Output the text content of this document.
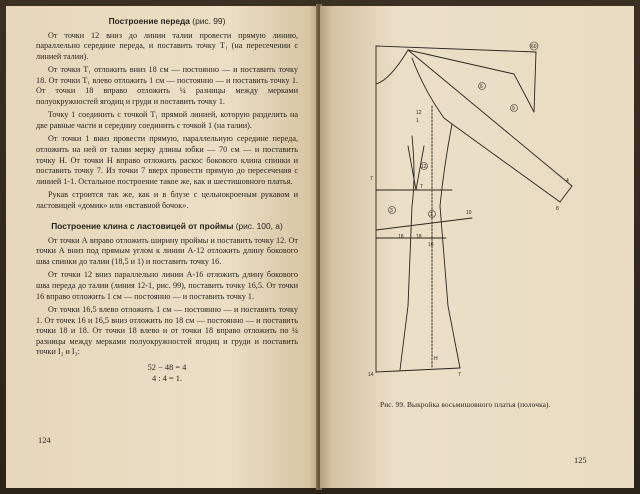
Построение переда (рис. 99)

От точки 12 вниз до линии талии провести прямую линию, параллельно середине переда, и поставить точку Т₁ (на пересечении с линией талии).

От точки Т₁ отложить вниз 18 см — постоянно — и поставить точку 18. От точки Т₁ влево отложить 1 см — постоянно — и поставить точку 1. От точки 18 вправо отложить ¼ разницы между мерками полуокружностей ягодиц и груди и поставить точку 1.

Точку 1 соединить с точкой Т₁ прямой линией, которую разделить на две равные части и середину соединить с точкой 1 (на талии).

От точки 1 вниз провести прямую, параллельную середине переда, отложить на ней от талии мерку длины юбки — 70 см — и поставить точку Н. От точки Н вправо отложить раскос бокового клина спинки и поставить точку 7. Из точки 7 вверх провести прямую до пересечения с линией 1-1. Остальное построение такое же, как и шестишовного платья.

Рукав строится так же, как и в блузе с цельнокроеным рукавом и ластовицей «домик» или «вставной бочок».

Построение клина с ластовицей от проймы (рис. 100, а)

От точки А вправо отложить ширину проймы и поставить точку 12. От точки А вниз под прямым углом к линии А-12 отложить длину бокового шва спинки до талии (18,5 и 1) и поставить точку 16.

От точки 12 вниз параллельно линии А-16 отложить длину бокового шва переда до талии (линия 12-1, рис. 99), поставить точку 16,5. От точки 16 вправо отложить 1 см — постоянно — и поставить точку 1.

От точки 16,5 влево отложить 1 см — постоянно — и поставить точку 1. От точек 16 и 16,5 вниз отложить по 18 см — постоянно — и поставить точки 18 и 18. От точки 18 влево и от точки 18 вправо отложить по ¼ разницы между мерками полуокружностей ягодиц и груди и поставить точки I₂ и I₃:

52 − 48 = 4
4 : 4 = 1.
124
60
6
9
4
8
12
1
Т
7
1
18
12
10
3
16
14
Н
7
18
Рис. 99. Выкройка восьмишовного платья (полочка).
125
